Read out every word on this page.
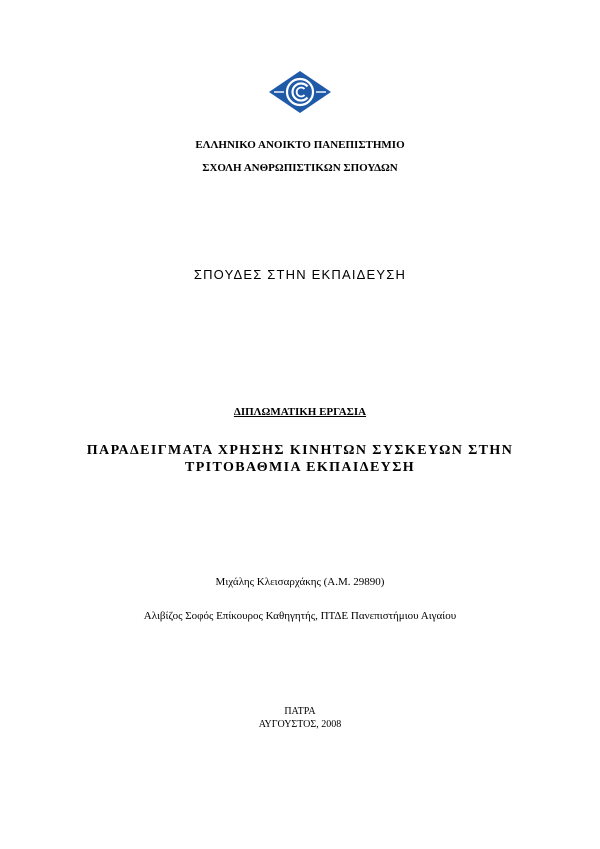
ΕΛΛΗΝΙΚΟ ΑΝΟΙΚΤΟ ΠΑΝΕΠΙΣΤΗΜΙΟ
ΣΧΟΛΗ ΑΝΘΡΩΠΙΣΤΙΚΩΝ ΣΠΟΥΔΩΝ
ΣΠΟΥΔΕΣ ΣΤΗΝ ΕΚΠΑΙΔΕΥΣΗ
ΔΙΠΛΩΜΑΤΙΚΗ ΕΡΓΑΣΙΑ
ΠΑΡΑΔΕΙΓΜΑΤΑ ΧΡΗΣΗΣ ΚΙΝΗΤΩΝ ΣΥΣΚΕΥΩΝ ΣΤΗΝ
ΤΡΙΤΟΒΑΘΜΙΑ ΕΚΠΑΙΔΕΥΣΗ
Μιχάλης Κλεισαρχάκης (Α.Μ. 29890)
Αλιβίζος Σοφός Επίκουρος Καθηγητής, ΠΤΔΕ Πανεπιστήμιου Αιγαίου
ΠΑΤΡΑ
ΑΥΓΟΥΣΤΟΣ, 2008
